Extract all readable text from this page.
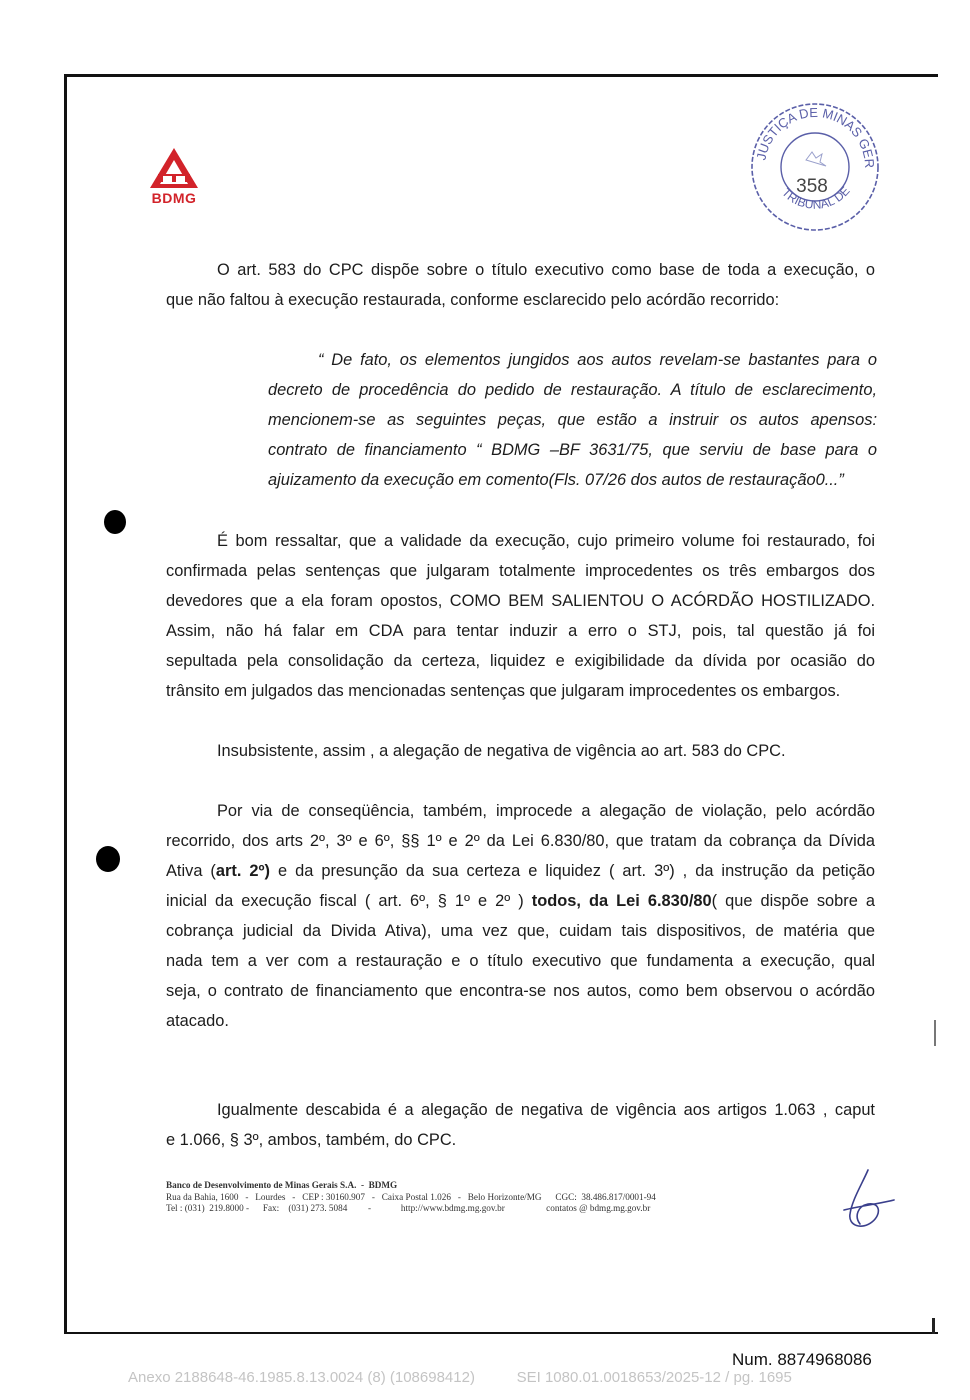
BDMG
JUSTIÇA DE MINAS GER
TRIBUNAL DE
358
O art. 583 do CPC dispõe sobre o título executivo como base de toda a execução, o
que não faltou à execução restaurada, conforme esclarecido pelo acórdão recorrido:
“ De fato, os elementos jungidos aos autos revelam-se bastantes para o
decreto de procedência do pedido de restauração. A título de esclarecimento,
mencionem-se as seguintes peças, que estão a instruir os autos apensos:
contrato de financiamento “ BDMG –BF 3631/75, que serviu de base para o
ajuizamento da execução em comento(Fls. 07/26 dos autos de restauração0...”
É bom ressaltar, que a validade da execução, cujo primeiro volume foi restaurado, foi
confirmada pelas sentenças que julgaram totalmente improcedentes os três embargos dos
devedores que a ela foram opostos, COMO BEM SALIENTOU O ACÓRDÃO HOSTILIZADO.
Assim, não há falar em CDA para tentar induzir a erro o STJ, pois, tal questão já foi
sepultada pela consolidação da certeza, liquidez e exigibilidade da dívida por ocasião do
trânsito em julgados das mencionadas sentenças que julgaram improcedentes os embargos.
Insubsistente, assim , a alegação de negativa de vigência ao art. 583 do CPC.
Por via de conseqüência, também, improcede a alegação de violação, pelo acórdão
recorrido, dos arts 2º, 3º e 6º, §§ 1º e 2º da Lei 6.830/80, que tratam da cobrança da Dívida
Ativa (art. 2º) e da presunção da sua certeza e liquidez ( art. 3º) , da instrução da petição
inicial da execução fiscal ( art. 6º, § 1º e 2º ) todos, da Lei 6.830/80( que dispõe sobre a
cobrança judicial da Divida Ativa), uma vez que, cuidam tais dispositivos, de matéria que
nada tem a ver com a restauração e o título executivo que fundamenta a execução, qual
seja, o contrato de financiamento que encontra-se nos autos, como bem observou o acórdão
atacado.
Igualmente descabida é a alegação de negativa de vigência aos artigos 1.063 , caput
e 1.066, § 3º, ambos, também, do CPC.
Banco de Desenvolvimento de Minas Gerais S.A.  -  BDMG
Rua da Bahia, 1600   -   Lourdes   -   CEP : 30160.907   -   Caixa Postal 1.026   -   Belo Horizonte/MG      CGC:  38.486.817/0001-94
Tel : (031)  219.8000 -      Fax:    (031) 273. 5084         -             http://www.bdmg.mg.gov.br                  contatos @ bdmg.mg.gov.br
Num. 8874968086
Anexo 2188648-46.1985.8.13.0024 (8) (108698412)          SEI 1080.01.0018653/2025-12 / pg. 1695
